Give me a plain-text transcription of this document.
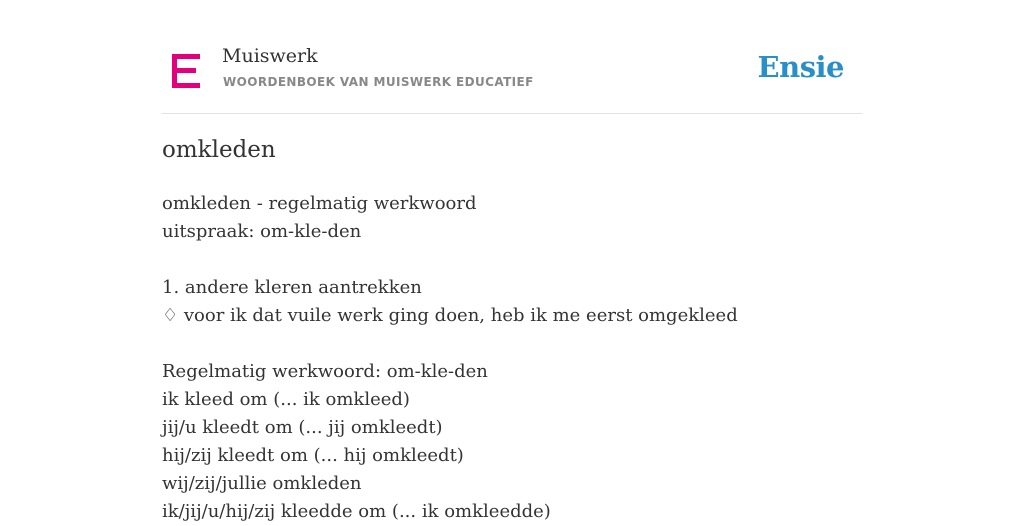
Muiswerk
WOORDENBOEK VAN MUISWERK EDUCATIEF	Ensie
omkleden
omkleden - regelmatig werkwoord
uitspraak: om-kle-den
1. andere kleren aantrekken
♢ voor ik dat vuile werk ging doen, heb ik me eerst omgekleed
Regelmatig werkwoord: om-kle-den
ik kleed om (... ik omkleed)
jij/u kleedt om (... jij omkleedt)
hij/zij kleedt om (... hij omkleedt)
wij/zij/jullie omkleden
ik/jij/u/hij/zij kleedde om (... ik omkleedde)
